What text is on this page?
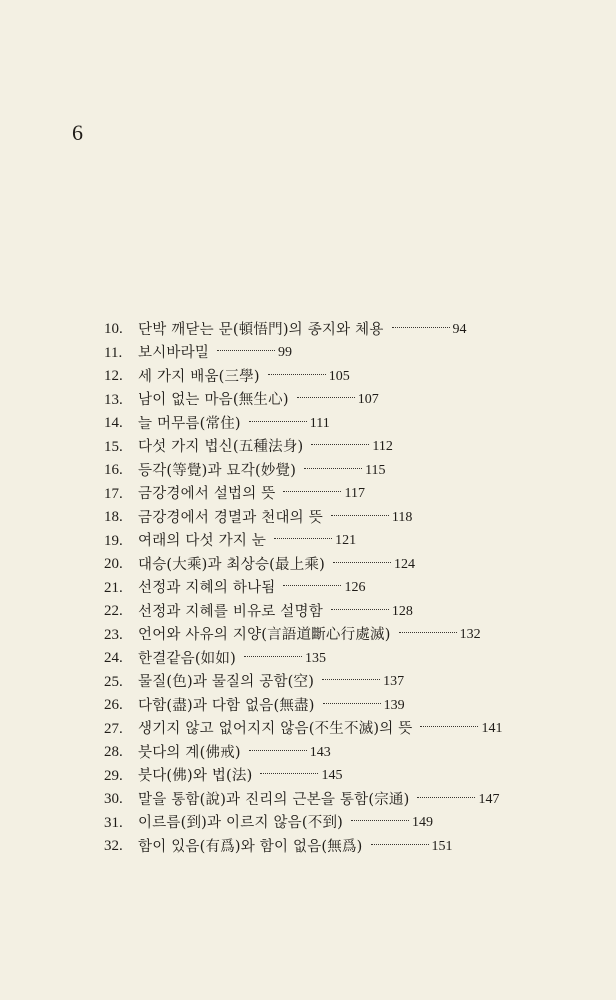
6
10.	단박 깨닫는 문(頓悟門)의 종지와 체용	94
11.	보시바라밀	99
12.	세 가지 배움(三學)	105
13.	남이 없는 마음(無生心)	107
14.	늘 머무름(常住)	111
15.	다섯 가지 법신(五種法身)	112
16.	등각(等覺)과 묘각(妙覺)	115
17.	금강경에서 설법의 뜻	117
18.	금강경에서 경멸과 천대의 뜻	118
19.	여래의 다섯 가지 눈	121
20.	대승(大乘)과 최상승(最上乘)	124
21.	선정과 지혜의 하나됨	126
22.	선정과 지혜를 비유로 설명함	128
23.	언어와 사유의 지양(言語道斷心行處滅)	132
24.	한결같음(如如)	135
25.	물질(色)과 물질의 공함(空)	137
26.	다함(盡)과 다함 없음(無盡)	139
27.	생기지 않고 없어지지 않음(不生不滅)의 뜻	141
28.	붓다의 계(佛戒)	143
29.	붓다(佛)와 법(法)	145
30.	말을 통함(說)과 진리의 근본을 통함(宗通)	147
31.	이르름(到)과 이르지 않음(不到)	149
32.	함이 있음(有爲)와 함이 없음(無爲)	151
